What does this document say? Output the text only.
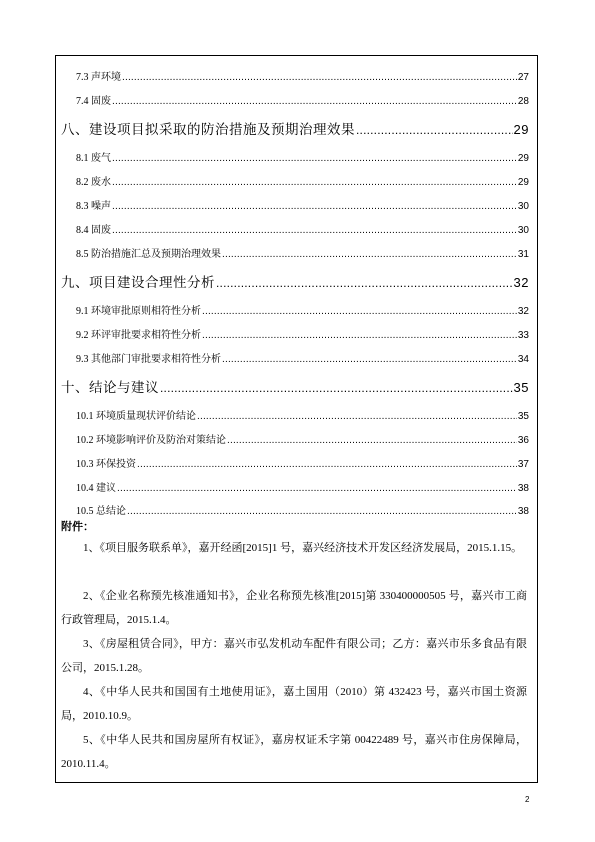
7.3 声环境 .....	27
7.4 固废 .....	28
八、建设项目拟采取的防治措施及预期治理效果 .....	29
8.1 废气 .....	29
8.2 废水 .....	29
8.3 噪声 .....	30
8.4 固废 .....	30
8.5 防治措施汇总及预期治理效果 .....	31
九、项目建设合理性分析 .....	32
9.1 环境审批原则相符性分析 .....	32
9.2 环评审批要求相符性分析 .....	33
9.3 其他部门审批要求相符性分析 .....	34
十、结论与建议 .....	35
10.1 环境质量现状评价结论 .....	35
10.2 环境影响评价及防治对策结论 .....	36
10.3 环保投资 .....	37
10.4 建议 .....	38
10.5 总结论 .....	38
附件：
1、《项目服务联系单》，嘉开经函[2015]1 号，嘉兴经济技术开发区经济发展局，2015.1.15。
2、《企业名称预先核准通知书》，企业名称预先核准[2015]第 330400000505 号，嘉兴市工商行政管理局，2015.1.4。
3、《房屋租赁合同》，甲方：嘉兴市弘发机动车配件有限公司；乙方：嘉兴市乐多食品有限公司，2015.1.28。
4、《中华人民共和国国有土地使用证》，嘉土国用（2010）第 432423 号，嘉兴市国土资源局，2010.10.9。
5、《中华人民共和国房屋所有权证》，嘉房权证禾字第 00422489 号，嘉兴市住房保障局，2010.11.4。
2
